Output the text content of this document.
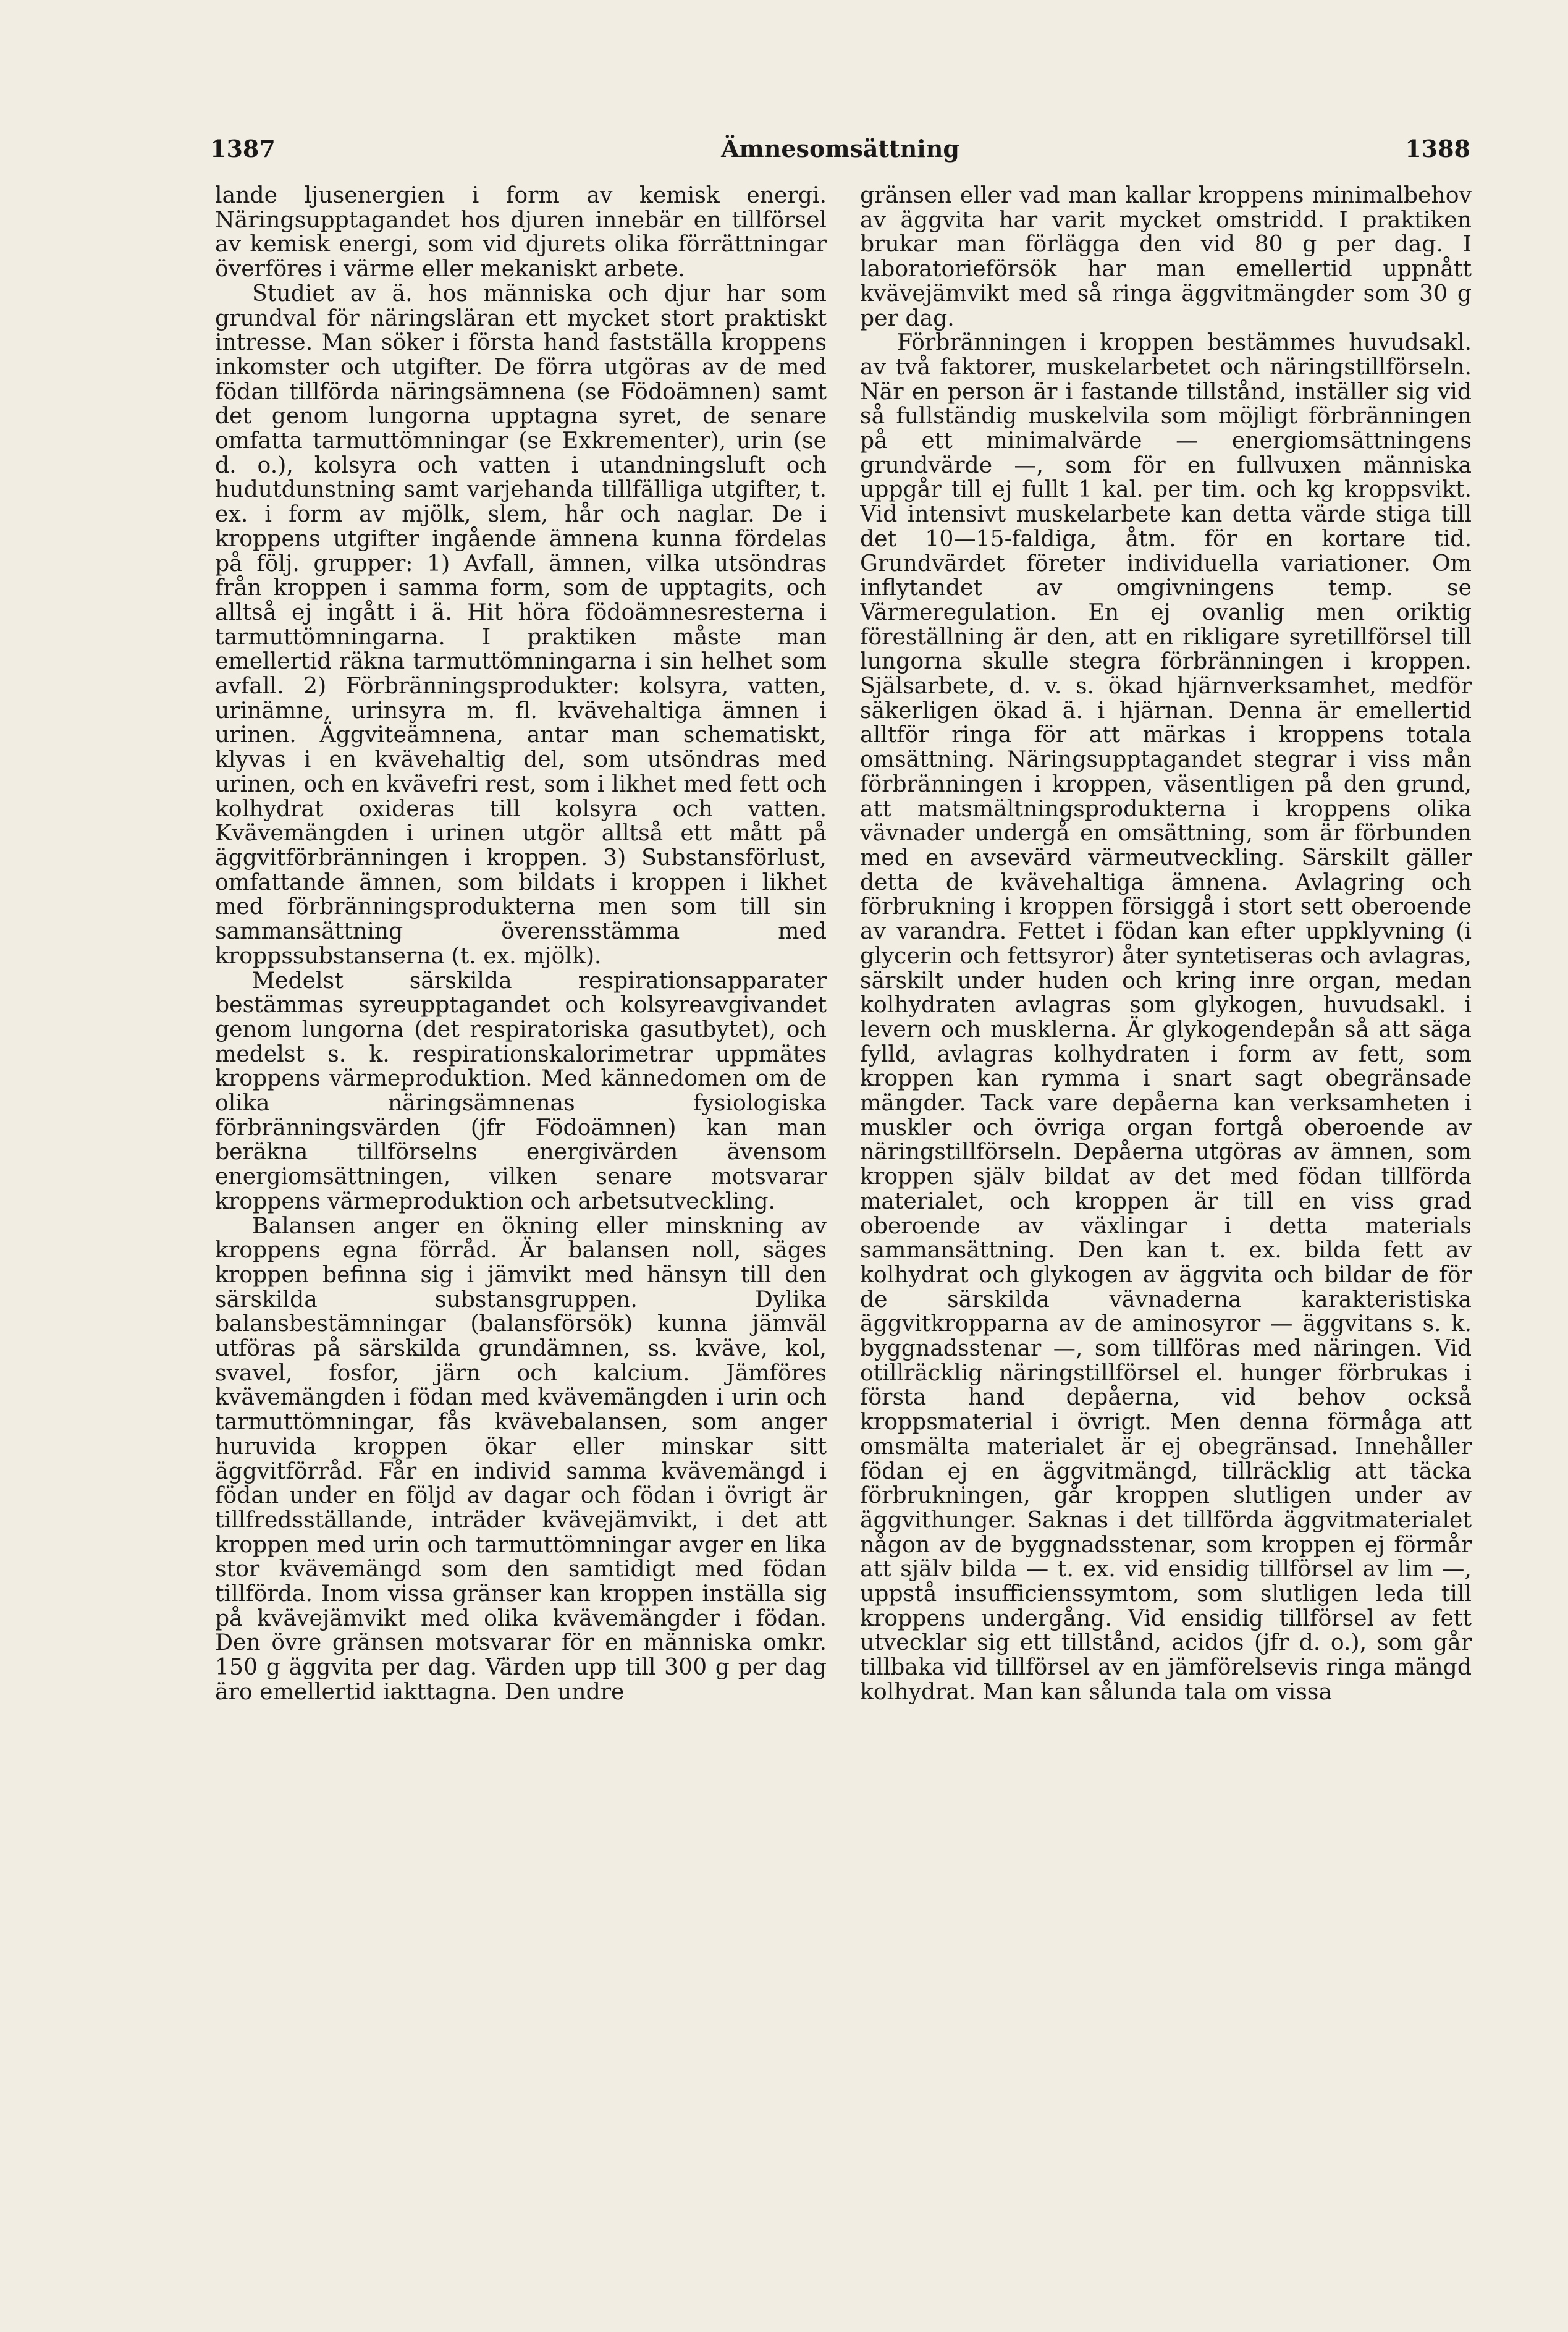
1387	Ämnesomsättning	1388

lande ljusenergien i form av kemisk energi. Näringsupptagandet hos djuren innebär en tillförsel av kemisk energi, som vid djurets olika förrättningar överföres i värme eller mekaniskt arbete.

Studiet av ä. hos människa och djur har som grundval för näringsläran ett mycket stort praktiskt intresse. Man söker i första hand fastställa kroppens inkomster och utgifter. De förra utgöras av de med födan tillförda näringsämnena (se Födoämnen) samt det genom lungorna upptagna syret, de senare omfatta tarmuttömningar (se Exkrementer), urin (se d. o.), kolsyra och vatten i utandningsluft och hudutdunstning samt varjehanda tillfälliga utgifter, t. ex. i form av mjölk, slem, hår och naglar. De i kroppens utgifter ingående ämnena kunna fördelas på följ. grupper: 1) Avfall, ämnen, vilka utsöndras från kroppen i samma form, som de upptagits, och alltså ej ingått i ä. Hit höra födoämnesresterna i tarmuttömningarna. I praktiken måste man emellertid räkna tarmuttömningarna i sin helhet som avfall. 2) Förbränningsprodukter: kolsyra, vatten, urinämne, urinsyra m. fl. kvävehaltiga ämnen i urinen. Äggviteämnena, antar man schematiskt, klyvas i en kvävehaltig del, som utsöndras med urinen, och en kvävefri rest, som i likhet med fett och kolhydrat oxideras till kolsyra och vatten. Kvävemängden i urinen utgör alltså ett mått på äggvitförbränningen i kroppen. 3) Substansförlust, omfattande ämnen, som bildats i kroppen i likhet med förbränningsprodukterna men som till sin sammansättning överensstämma med kroppssubstanserna (t. ex. mjölk).

Medelst särskilda respirationsapparater bestämmas syreupptagandet och kolsyreavgivandet genom lungorna (det respiratoriska gasutbytet), och medelst s. k. respirationskalorimetrar uppmätes kroppens värmeproduktion. Med kännedomen om de olika näringsämnenas fysiologiska förbränningsvärden (jfr Födoämnen) kan man beräkna tillförselns energivärden ävensom energiomsättningen, vilken senare motsvarar kroppens värmeproduktion och arbetsutveckling.

Balansen anger en ökning eller minskning av kroppens egna förråd. Är balansen noll, säges kroppen befinna sig i jämvikt med hänsyn till den särskilda substansgruppen. Dylika balansbestämningar (balansförsök) kunna jämväl utföras på särskilda grundämnen, ss. kväve, kol, svavel, fosfor, järn och kalcium. Jämföres kvävemängden i födan med kvävemängden i urin och tarmuttömningar, fås kvävebalansen, som anger huruvida kroppen ökar eller minskar sitt äggvitförråd. Får en individ samma kvävemängd i födan under en följd av dagar och födan i övrigt är tillfredsställande, inträder kvävejämvikt, i det att kroppen med urin och tarmuttömningar avger en lika stor kvävemängd som den samtidigt med födan tillförda. Inom vissa gränser kan kroppen inställa sig på kvävejämvikt med olika kvävemängder i födan. Den övre gränsen motsvarar för en människa omkr. 150 g äggvita per dag. Värden upp till 300 g per dag äro emellertid iakttagna. Den undre

gränsen eller vad man kallar kroppens minimalbehov av äggvita har varit mycket omstridd. I praktiken brukar man förlägga den vid 80 g per dag. I laboratorieförsök har man emellertid uppnått kvävejämvikt med så ringa äggvitmängder som 30 g per dag.

Förbränningen i kroppen bestämmes huvudsakl. av två faktorer, muskelarbetet och näringstillförseln. När en person är i fastande tillstånd, inställer sig vid så fullständig muskelvila som möjligt förbränningen på ett minimalvärde — energiomsättningens grundvärde —, som för en fullvuxen människa uppgår till ej fullt 1 kal. per tim. och kg kroppsvikt. Vid intensivt muskelarbete kan detta värde stiga till det 10—15-faldiga, åtm. för en kortare tid. Grundvärdet företer individuella variationer. Om inflytandet av omgivningens temp. se Värmeregulation. En ej ovanlig men oriktig föreställning är den, att en rikligare syretillförsel till lungorna skulle stegra förbränningen i kroppen. Själsarbete, d. v. s. ökad hjärnverksamhet, medför säkerligen ökad ä. i hjärnan. Denna är emellertid alltför ringa för att märkas i kroppens totala omsättning. Näringsupptagandet stegrar i viss mån förbränningen i kroppen, väsentligen på den grund, att matsmältningsprodukterna i kroppens olika vävnader undergå en omsättning, som är förbunden med en avsevärd värmeutveckling. Särskilt gäller detta de kvävehaltiga ämnena. Avlagring och förbrukning i kroppen försiggå i stort sett oberoende av varandra. Fettet i födan kan efter uppklyvning (i glycerin och fettsyror) åter syntetiseras och avlagras, särskilt under huden och kring inre organ, medan kolhydraten avlagras som glykogen, huvudsakl. i levern och musklerna. Är glykogendepån så att säga fylld, avlagras kolhydraten i form av fett, som kroppen kan rymma i snart sagt obegränsade mängder. Tack vare depåerna kan verksamheten i muskler och övriga organ fortgå oberoende av näringstillförseln. Depåerna utgöras av ämnen, som kroppen själv bildat av det med födan tillförda materialet, och kroppen är till en viss grad oberoende av växlingar i detta materials sammansättning. Den kan t. ex. bilda fett av kolhydrat och glykogen av äggvita och bildar de för de särskilda vävnaderna karakteristiska äggvitkropparna av de aminosyror — äggvitans s. k. byggnadsstenar —, som tillföras med näringen. Vid otillräcklig näringstillförsel el. hunger förbrukas i första hand depåerna, vid behov också kroppsmaterial i övrigt. Men denna förmåga att omsmälta materialet är ej obegränsad. Innehåller födan ej en äggvitmängd, tillräcklig att täcka förbrukningen, går kroppen slutligen under av äggvithunger. Saknas i det tillförda äggvitmaterialet någon av de byggnadsstenar, som kroppen ej förmår att själv bilda — t. ex. vid ensidig tillförsel av lim —, uppstå insufficienssymtom, som slutligen leda till kroppens undergång. Vid ensidig tillförsel av fett utvecklar sig ett tillstånd, acidos (jfr d. o.), som går tillbaka vid tillförsel av en jämförelsevis ringa mängd kolhydrat. Man kan sålunda tala om vissa
